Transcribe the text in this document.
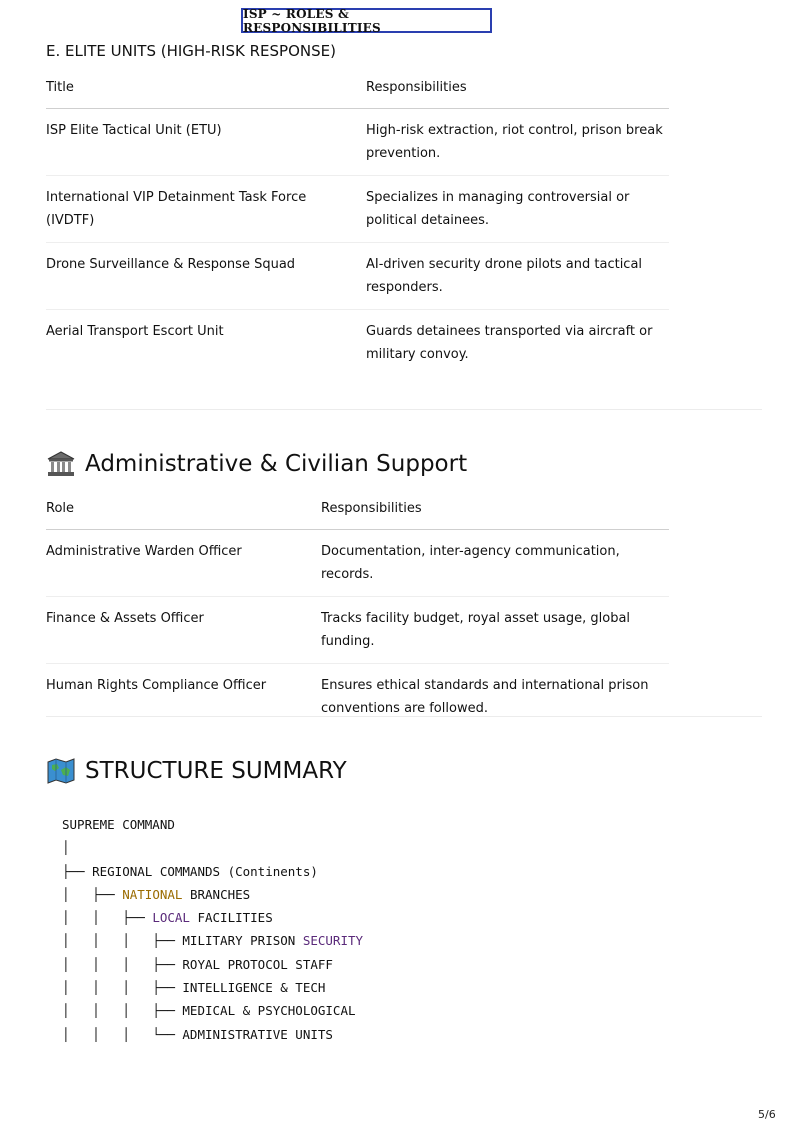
ISP ~ ROLES & RESPONSIBILITIES
E. ELITE UNITS (HIGH-RISK RESPONSE)
Title	Responsibilities
ISP Elite Tactical Unit (ETU)	High-risk extraction, riot control, prison break prevention.
International VIP Detainment Task Force (IVDTF)	Specializes in managing controversial or political detainees.
Drone Surveillance & Response Squad	AI-driven security drone pilots and tactical responders.
Aerial Transport Escort Unit	Guards detainees transported via aircraft or military convoy.
Administrative & Civilian Support
Role	Responsibilities
Administrative Warden Officer	Documentation, inter-agency communication, records.
Finance & Assets Officer	Tracks facility budget, royal asset usage, global funding.
Human Rights Compliance Officer	Ensures ethical standards and international prison conventions are followed.
STRUCTURE SUMMARY
SUPREME COMMAND
│
├── REGIONAL COMMANDS (Continents)
│   ├── NATIONAL BRANCHES
│   │   ├── LOCAL FACILITIES
│   │   │   ├── MILITARY PRISON SECURITY
│   │   │   ├── ROYAL PROTOCOL STAFF
│   │   │   ├── INTELLIGENCE & TECH
│   │   │   ├── MEDICAL & PSYCHOLOGICAL
│   │   │   └── ADMINISTRATIVE UNITS
5/6
